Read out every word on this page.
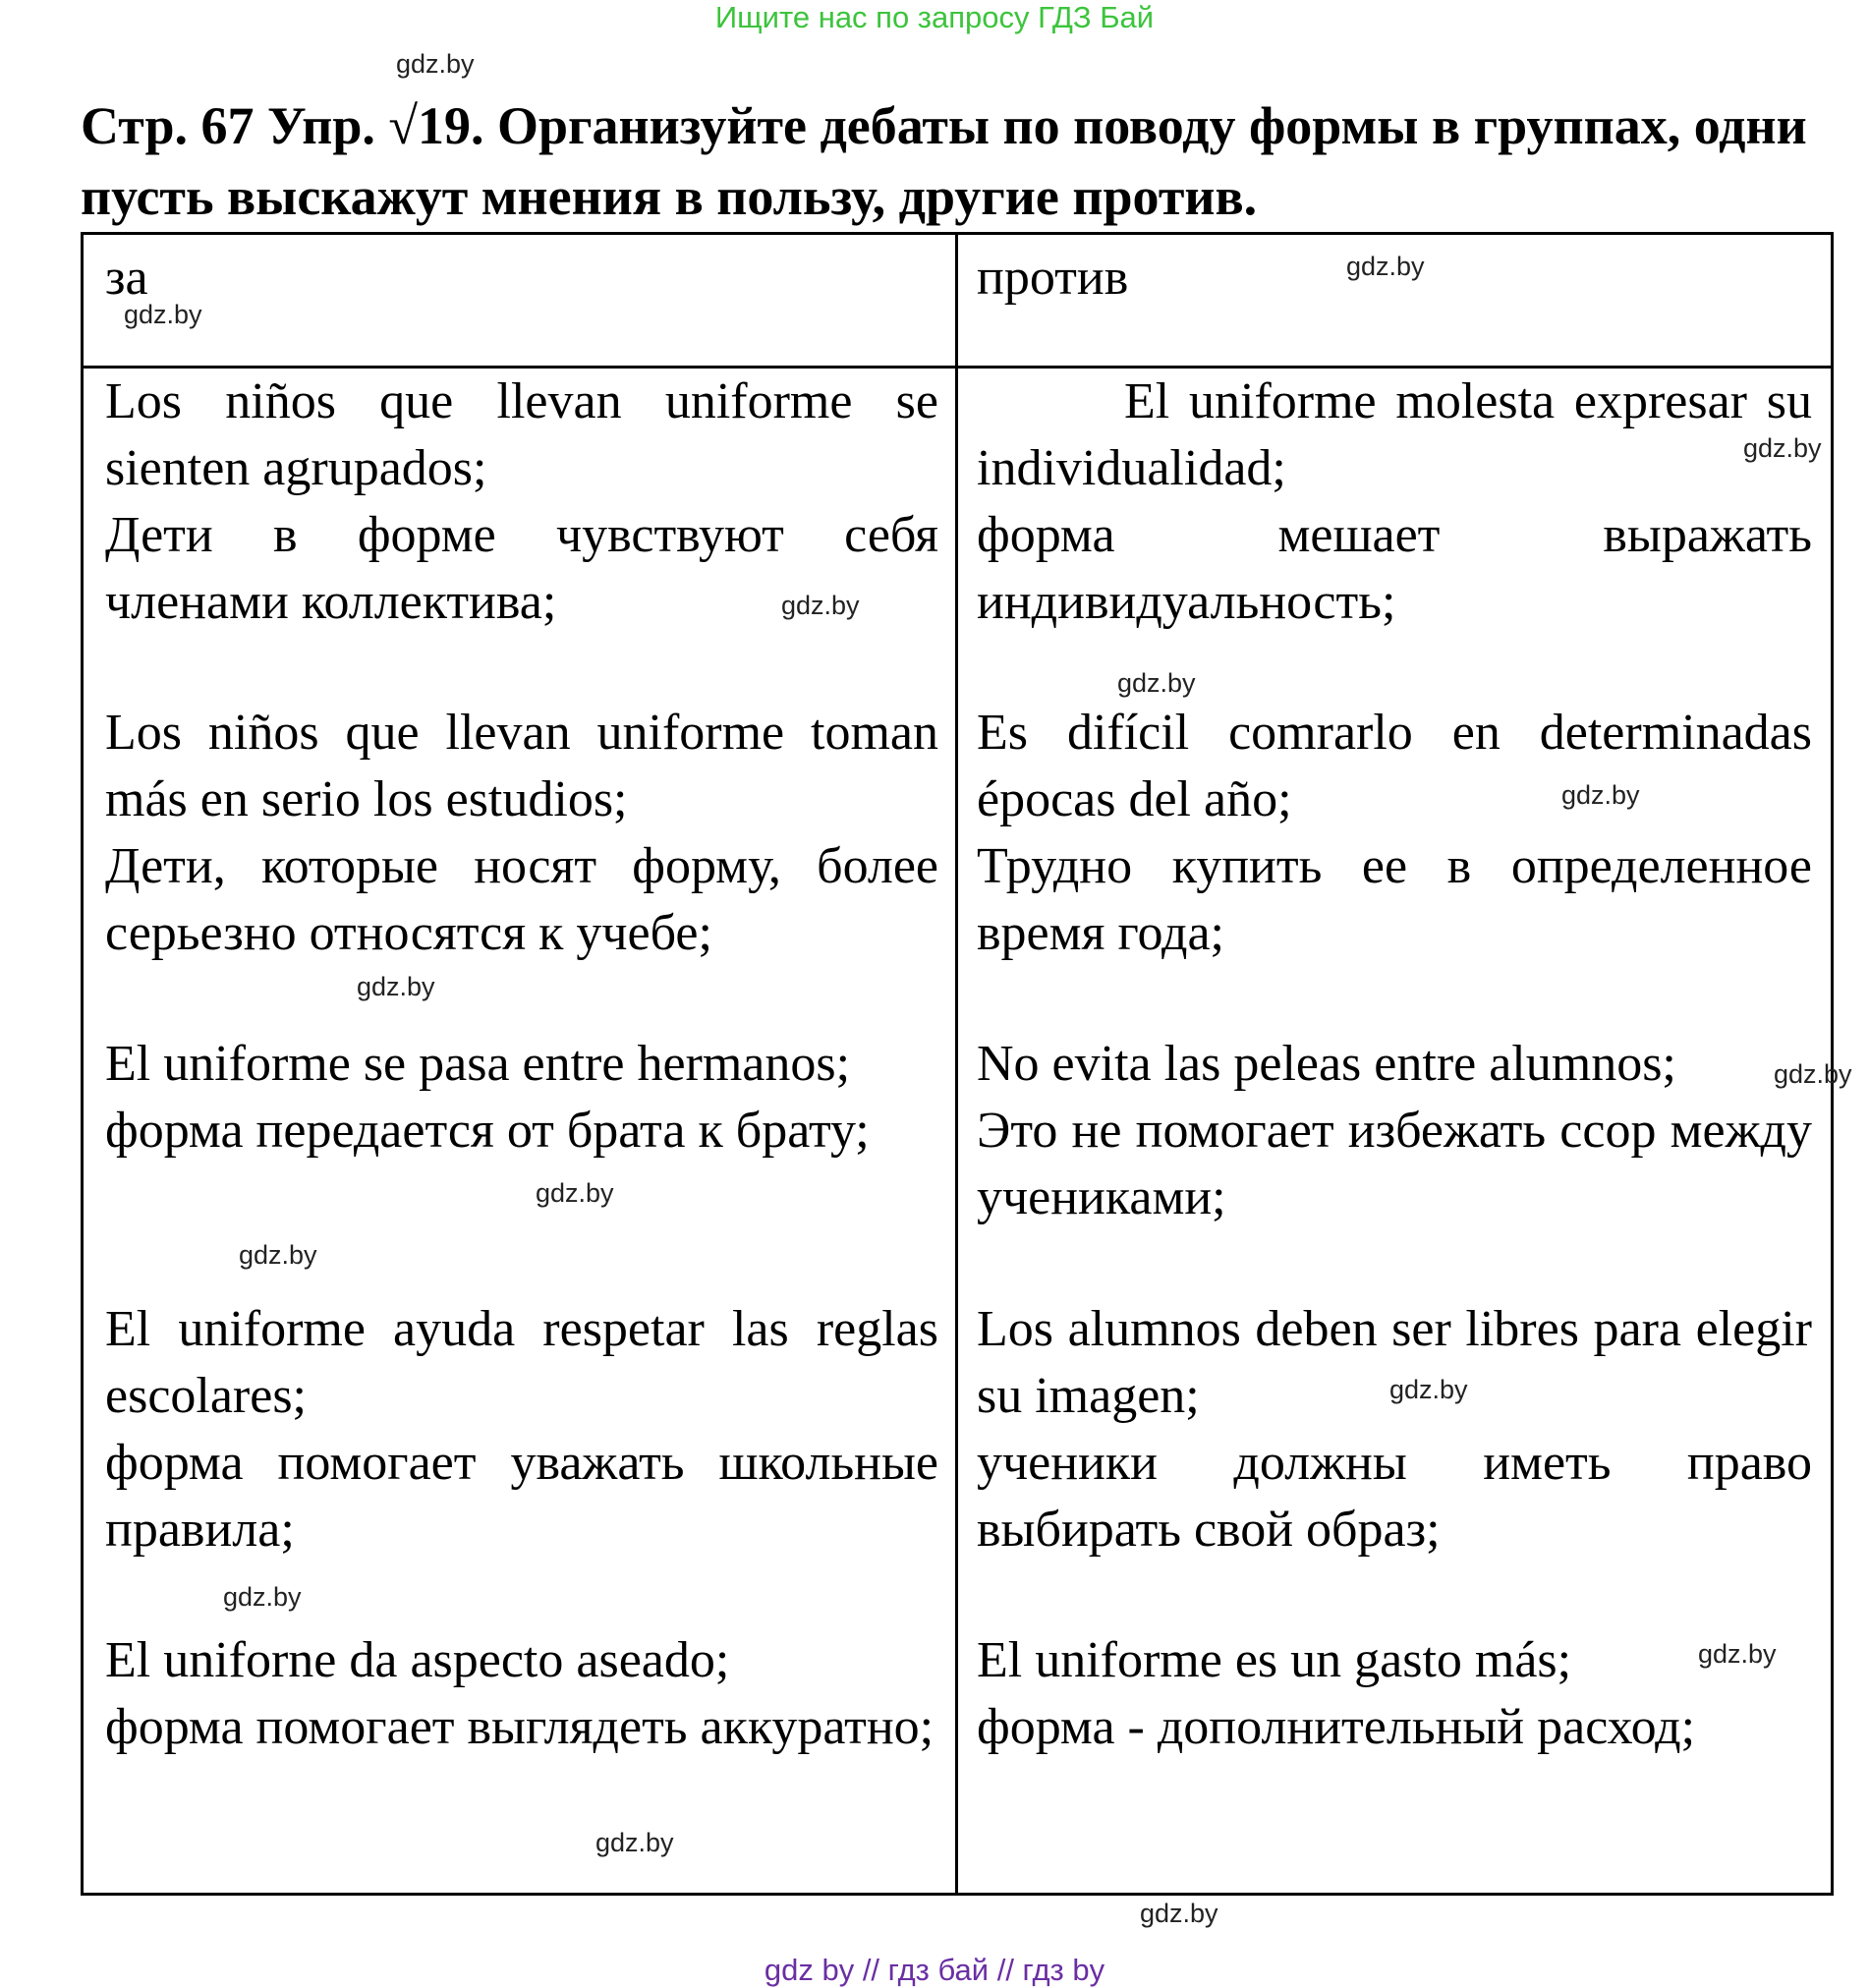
Ищите нас по запросу ГДЗ Бай
Стр. 67 Упр. √19. Организуйте дебаты по поводу формы в группах, одни пусть выскажут мнения в пользу, другие против.
за	против
Los niños que llevan uniforme se sienten agrupados;
Дети в форме чувствуют себя членами коллектива;
El uniforme molesta expresar su individualidad;
форма мешает выражать индивидуальность;
Los niños que llevan uniforme toman más en serio los estudios;
Дети, которые носят форму, более серьезно относятся к учебе;
Es difícil comrarlo en determinadas épocas del año;
Трудно купить ее в определенное время года;
El uniforme se pasa entre hermanos;
форма передается от брата к брату;
No evita las peleas entre alumnos;
Это не помогает избежать ссор между учениками;
El uniforme ayuda respetar las reglas escolares;
форма помогает уважать школьные правила;
Los alumnos deben ser libres para elegir su imagen;
ученики должны иметь право выбирать свой образ;
El uniforne da aspecto aseado;
форма помогает выглядеть аккуратно;
El uniforme es un gasto más;
форма - дополнительный расход;
gdz.by
gdz.by
gdz.by
gdz.by
gdz.by
gdz.by
gdz.by
gdz.by
gdz.by
gdz.by
gdz.by
gdz.by
gdz.by
gdz.by
gdz.by
gdz.by
gdz by // гдз бай // гдз by
